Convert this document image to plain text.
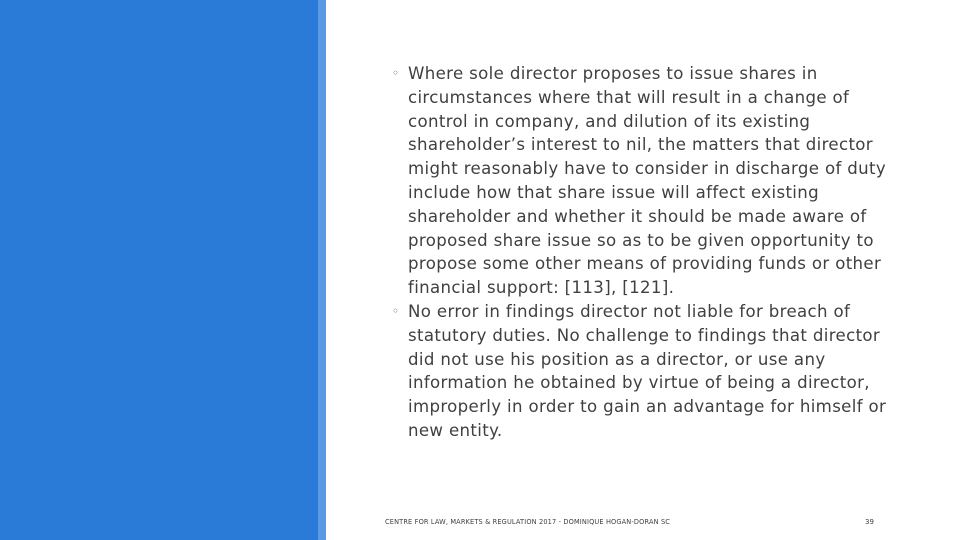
◦ Where sole director proposes to issue shares in circumstances where that will result in a change of control in company, and dilution of its existing shareholder’s interest to nil, the matters that director might reasonably have to consider in discharge of duty include how that share issue will affect existing shareholder and whether it should be made aware of proposed share issue so as to be given opportunity to propose some other means of providing funds or other financial support: [113], [121].
◦ No error in findings director not liable for breach of statutory duties. No challenge to findings that director did not use his position as a director, or use any information he obtained by virtue of being a director, improperly in order to gain an advantage for himself or new entity.
CENTRE FOR LAW, MARKETS & REGULATION 2017 - DOMINIQUE HOGAN-DORAN SC	39
